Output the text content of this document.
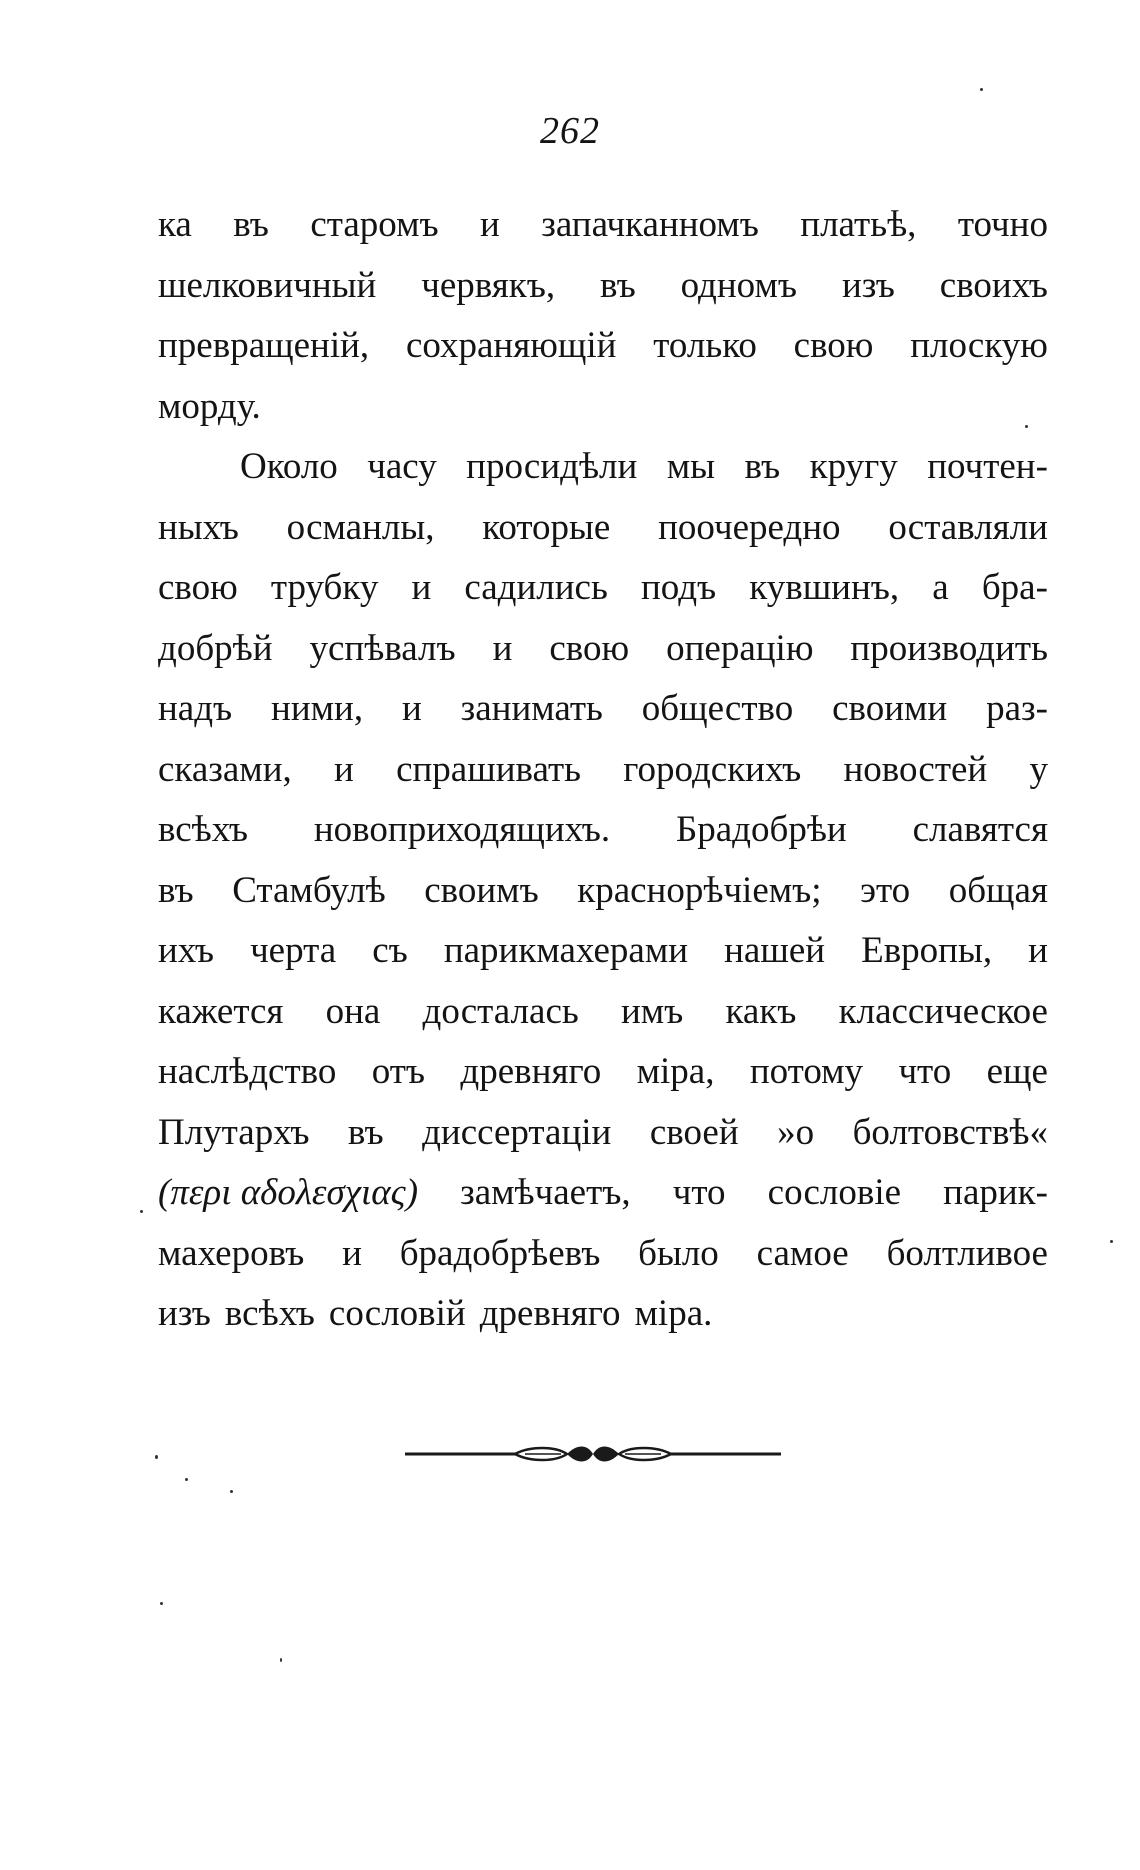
262
ка въ старомъ и запачканномъ платьѣ, точно
шелковичный червякъ, въ одномъ изъ своихъ
превращеній, сохраняющій только свою плоскую
морду.
Около часу просидѣли мы въ кругу почтен-
ныхъ османлы, которые поочередно оставляли
свою трубку и садились подъ кувшинъ, а бра-
добрѣй успѣвалъ и свою операцію производить
надъ ними, и занимать общество своими раз-
сказами, и спрашивать городскихъ новостей у
всѣхъ новоприходящихъ. Брадобрѣи славятся
въ Стамбулѣ своимъ краснорѣчіемъ; это общая
ихъ черта съ парикмахерами нашей Европы, и
кажется она досталась имъ какъ классическое
наслѣдство отъ древняго міра, потому что еще
Плутархъ въ диссертаціи своей »о болтовствѣ«
(περι αδολεσχιας) замѣчаетъ, что сословіе парик-
махеровъ и брадобрѣевъ было самое болтливое
изъ всѣхъ сословій древняго міра.
